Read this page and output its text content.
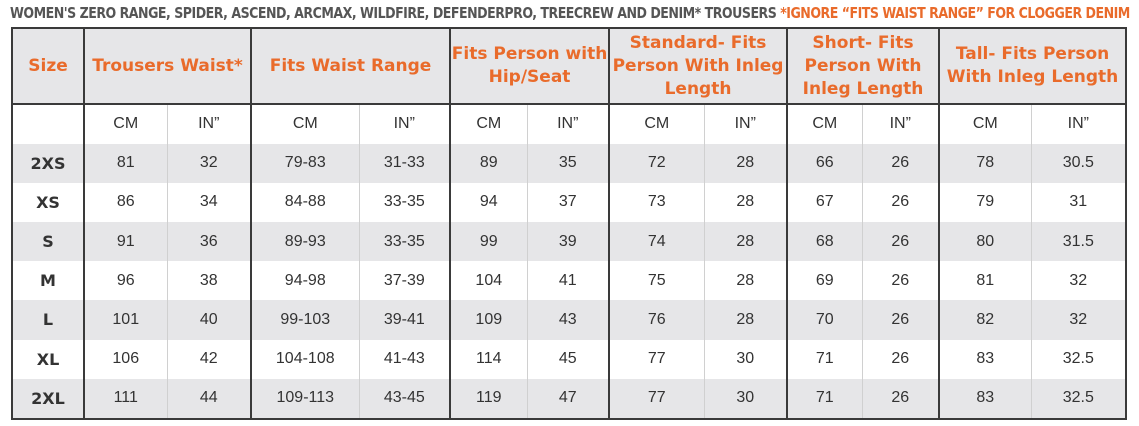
WOMEN'S ZERO RANGE, SPIDER, ASCEND, ARCMAX, WILDFIRE, DEFENDERPRO, TREECREW AND DENIM* TROUSERS *IGNORE “FITS WAIST RANGE” FOR CLOGGER DENIM
Size	Trousers Waist*		Fits Waist Range		Fits Person with Hip/Seat		Standard- Fits Person With Inleg Length		Short- Fits Person With Inleg Length		Tall- Fits Person With Inleg Length	
	CM	IN”	CM	IN”	CM	IN”	CM	IN”	CM	IN”	CM	IN”
2XS	81	32	79-83	31-33	89	35	72	28	66	26	78	30.5
XS	86	34	84-88	33-35	94	37	73	28	67	26	79	31
S	91	36	89-93	33-35	99	39	74	28	68	26	80	31.5
M	96	38	94-98	37-39	104	41	75	28	69	26	81	32
L	101	40	99-103	39-41	109	43	76	28	70	26	82	32
XL	106	42	104-108	41-43	114	45	77	30	71	26	83	32.5
2XL	111	44	109-113	43-45	119	47	77	30	71	26	83	32.5
